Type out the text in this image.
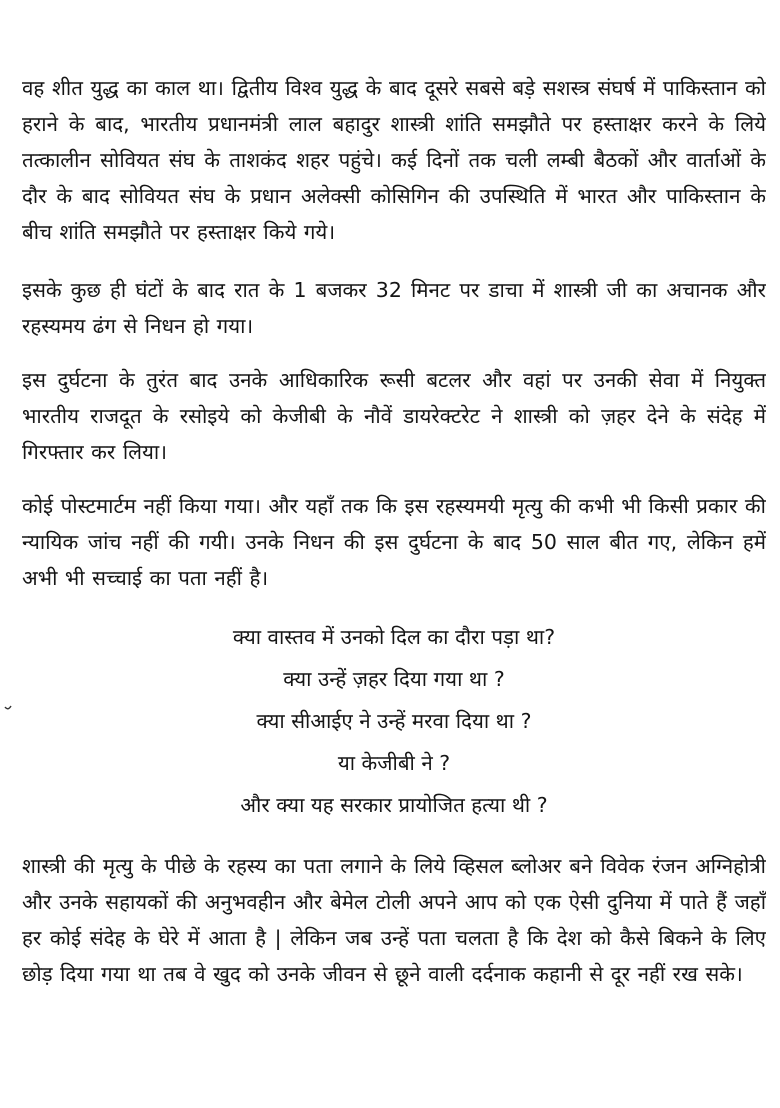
वह शीत युद्ध का काल था। द्वितीय विश्व युद्ध के बाद दूसरे सबसे बड़े सशस्त्र संघर्ष में पाकिस्तान को हराने के बाद, भारतीय प्रधानमंत्री लाल बहादुर शास्त्री शांति समझौते पर हस्ताक्षर करने के लिये तत्कालीन सोवियत संघ के ताशकंद शहर पहुंचे। कई दिनों तक चली लम्बी बैठकों और वार्ताओं के दौर के बाद सोवियत संघ के प्रधान अलेक्सी कोसिगिन की उपस्थिति में भारत और पाकिस्तान के बीच शांति समझौते पर हस्ताक्षर किये गये।

इसके कुछ ही घंटों के बाद रात के 1 बजकर 32 मिनट पर डाचा में शास्त्री जी का अचानक और रहस्यमय ढंग से निधन हो गया।

इस दुर्घटना के तुरंत बाद उनके आधिकारिक रूसी बटलर और वहां पर उनकी सेवा में नियुक्त भारतीय राजदूत के रसोइये को केजीबी के नौवें डायरेक्टरेट ने शास्त्री को ज़हर देने के संदेह में गिरफ्तार कर लिया।

कोई पोस्टमार्टम नहीं किया गया। और यहाँ तक कि इस रहस्यमयी मृत्यु की कभी भी किसी प्रकार की न्यायिक जांच नहीं की गयी। उनके निधन की इस दुर्घटना के बाद 50 साल बीत गए, लेकिन हमें अभी भी सच्चाई का पता नहीं है।

क्या वास्तव में उनको दिल का दौरा पड़ा था?
क्या उन्हें ज़हर दिया गया था ?
क्या सीआईए ने उन्हें मरवा दिया था ?
या केजीबी ने ?
और क्या यह सरकार प्रायोजित हत्या थी ?

शास्त्री की मृत्यु के पीछे के रहस्य का पता लगाने के लिये व्हिसल ब्लोअर बने विवेक रंजन अग्निहोत्री और उनके सहायकों की अनुभवहीन और बेमेल टोली अपने आप को एक ऐसी दुनिया में पाते हैं जहाँ हर कोई संदेह के घेरे में आता है | लेकिन जब उन्हें पता चलता है कि देश को कैसे बिकने के लिए छोड़ दिया गया था तब वे खुद को उनके जीवन से छूने वाली दर्दनाक कहानी से दूर नहीं रख सके।
